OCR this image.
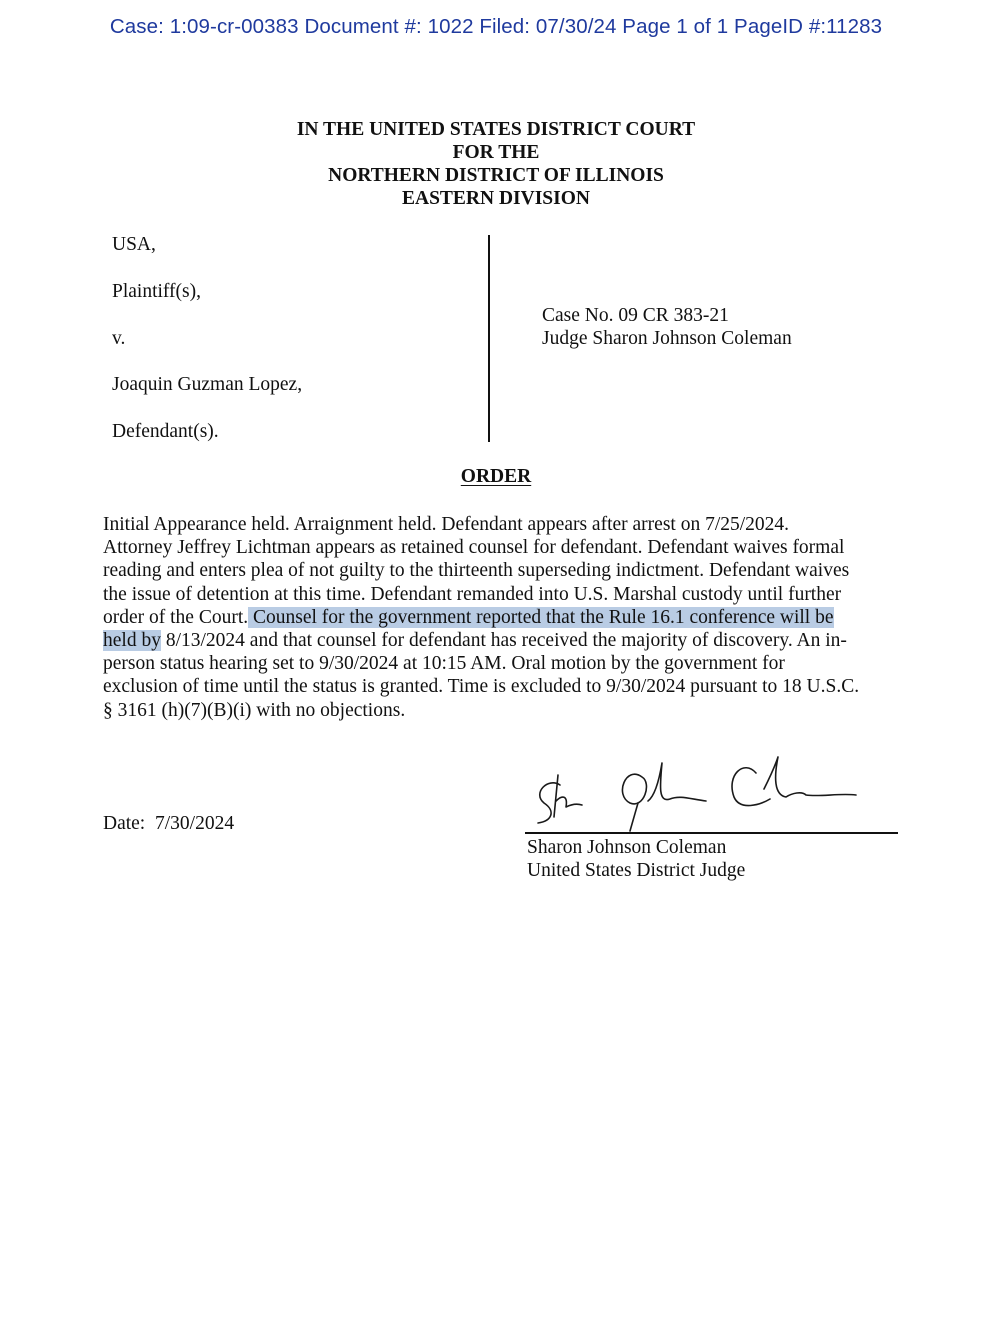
Case: 1:09-cr-00383 Document #: 1022 Filed: 07/30/24 Page 1 of 1 PageID #:11283
IN THE UNITED STATES DISTRICT COURT
FOR THE
NORTHERN DISTRICT OF ILLINOIS
EASTERN DIVISION
USA,
Plaintiff(s),
v.
Joaquin Guzman Lopez,
Defendant(s).
Case No. 09 CR 383-21
Judge Sharon Johnson Coleman
ORDER
Initial Appearance held. Arraignment held. Defendant appears after arrest on 7/25/2024.
Attorney Jeffrey Lichtman appears as retained counsel for defendant. Defendant waives formal
reading and enters plea of not guilty to the thirteenth superseding indictment. Defendant waives
the issue of detention at this time. Defendant remanded into U.S. Marshal custody until further
order of the Court. Counsel for the government reported that the Rule 16.1 conference will be
held by 8/13/2024 and that counsel for defendant has received the majority of discovery. An in-
person status hearing set to 9/30/2024 at 10:15 AM. Oral motion by the government for
exclusion of time until the status is granted. Time is excluded to 9/30/2024 pursuant to 18 U.S.C.
§ 3161 (h)(7)(B)(i) with no objections.
Date: 7/30/2024
Sharon Johnson Coleman
United States District Judge
